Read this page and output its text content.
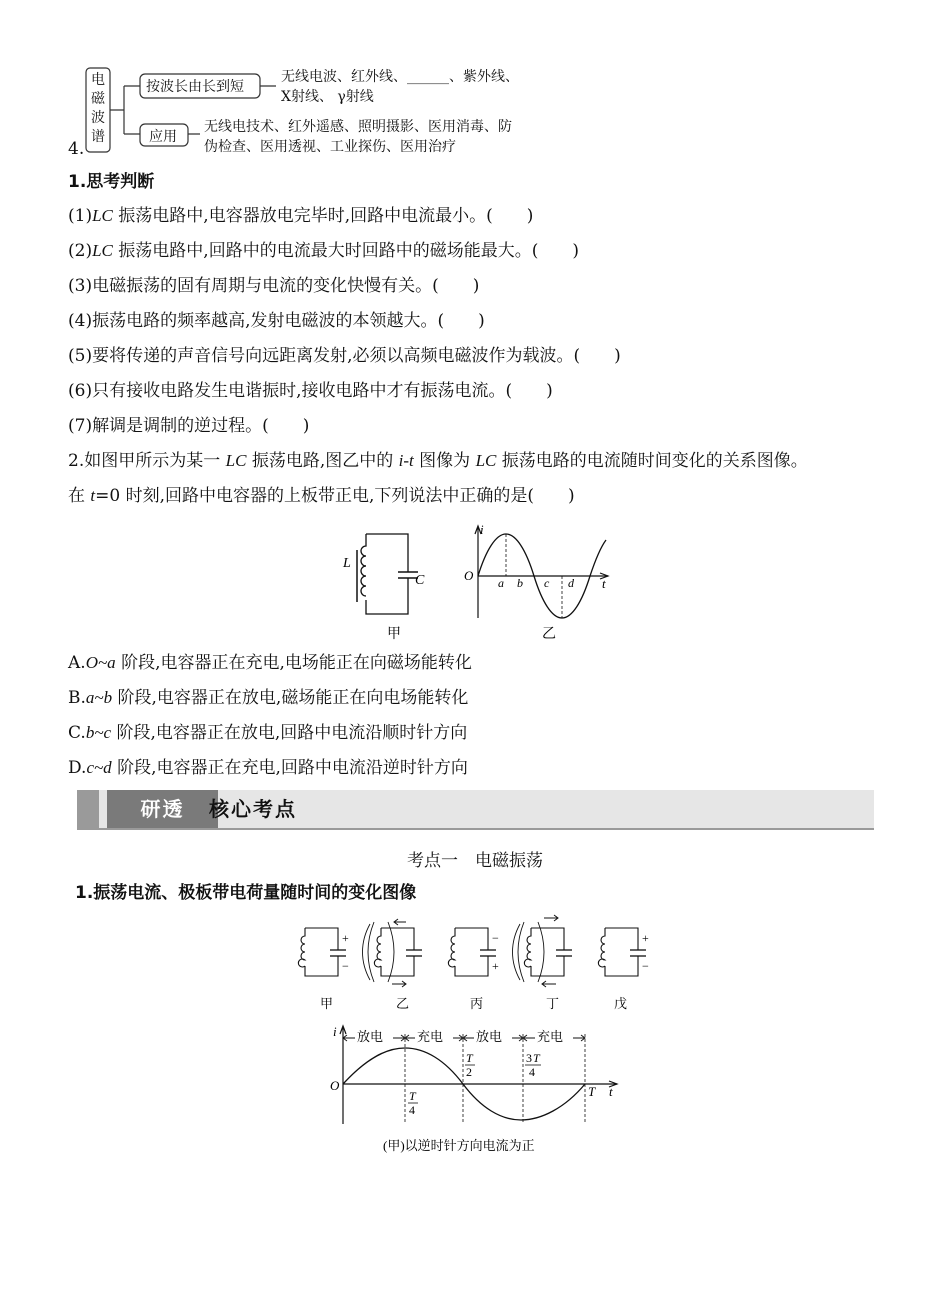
电
磁
波
谱
按波长由长到短
无线电波、红外线、______、紫外线、
X射线、 γ射线
应用
无线电技术、红外遥感、照明摄影、医用消毒、防
伪检查、医用透视、工业探伤、医用治疗
4.
1.思考判断
(1)LC 振荡电路中,电容器放电完毕时,回路中电流最小。(　　)
(2)LC 振荡电路中,回路中的电流最大时回路中的磁场能最大。(　　)
(3)电磁振荡的固有周期与电流的变化快慢有关。(　　)
(4)振荡电路的频率越高,发射电磁波的本领越大。(　　)
(5)要将传递的声音信号向远距离发射,必须以高频电磁波作为载波。(　　)
(6)只有接收电路发生电谐振时,接收电路中才有振荡电流。(　　)
(7)解调是调制的逆过程。(　　)
2.如图甲所示为某一 LC 振荡电路,图乙中的 i-t 图像为 LC 振荡电路的电流随时间变化的关系图像。
在 t=0 时刻,回路中电容器的上板带正电,下列说法中正确的是(　　)
L
C
甲
i
O
t
a b c d
乙
A.O~a 阶段,电容器正在充电,电场能正在向磁场能转化
B.a~b 阶段,电容器正在放电,磁场能正在向电场能转化
C.b~c 阶段,电容器正在放电,回路中电流沿顺时针方向
D.c~d 阶段,电容器正在充电,回路中电流沿逆时针方向
研透	核心考点
考点一　电磁振荡
1.振荡电流、极板带电荷量随时间的变化图像
+
−
甲	乙
−
+
丙	丁
+
−
戊
放电	充电	放电	充电
i
O	t
T
T
4
T
2
3 T
4
(甲)以逆时针方向电流为正
